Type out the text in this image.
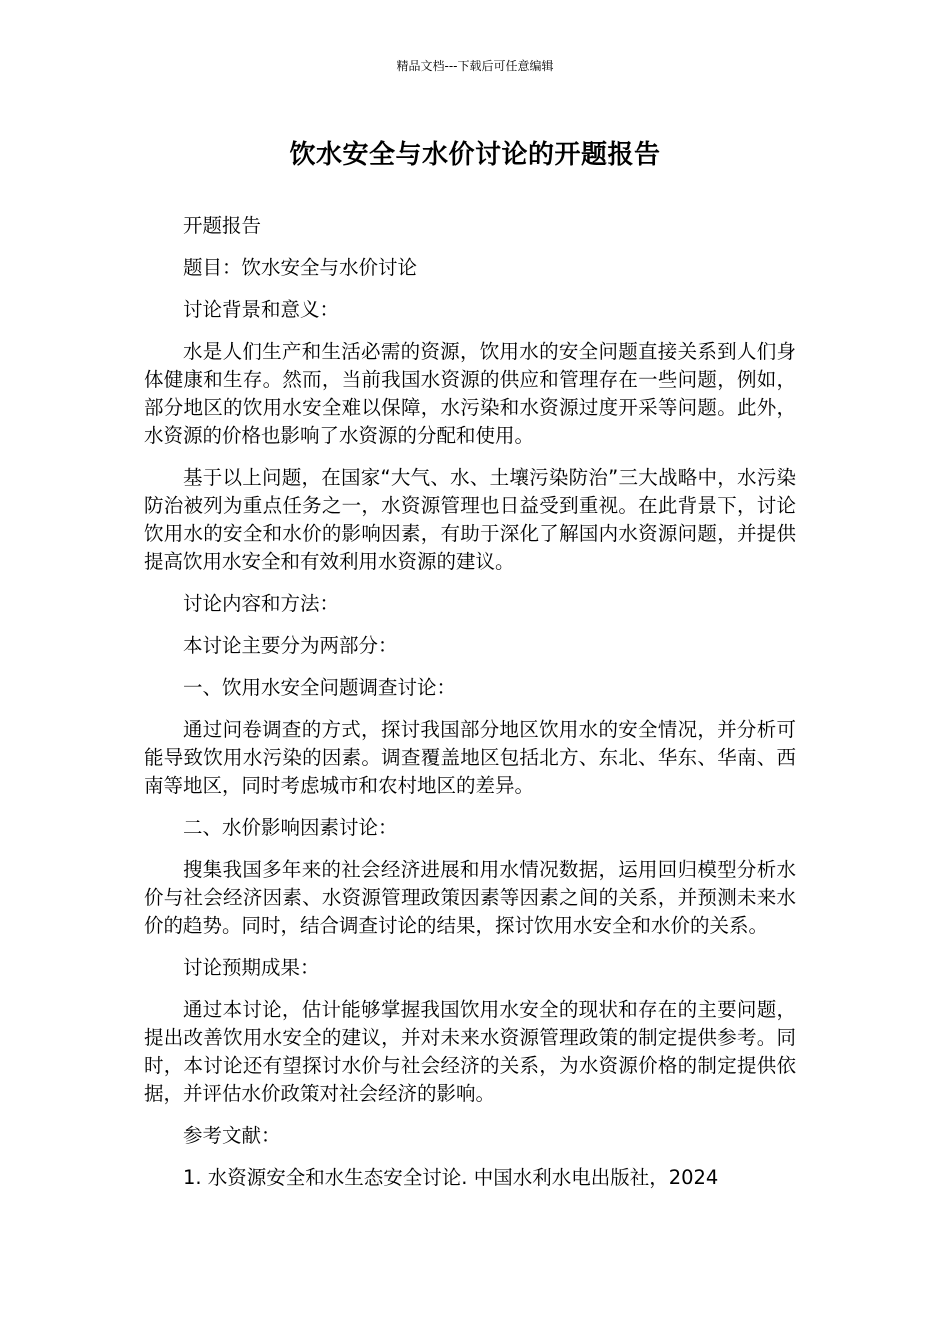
精品文档---下载后可任意编辑
饮水安全与水价讨论的开题报告

开题报告

题目：饮水安全与水价讨论

讨论背景和意义：

水是人们生产和生活必需的资源，饮用水的安全问题直接关系到人们身体健康和生存。然而，当前我国水资源的供应和管理存在一些问题，例如，部分地区的饮用水安全难以保障，水污染和水资源过度开采等问题。此外，水资源的价格也影响了水资源的分配和使用。

基于以上问题，在国家“大气、水、土壤污染防治”三大战略中，水污染防治被列为重点任务之一，水资源管理也日益受到重视。在此背景下，讨论饮用水的安全和水价的影响因素，有助于深化了解国内水资源问题，并提供提高饮用水安全和有效利用水资源的建议。

讨论内容和方法：

本讨论主要分为两部分：

一、饮用水安全问题调查讨论：

通过问卷调查的方式，探讨我国部分地区饮用水的安全情况，并分析可能导致饮用水污染的因素。调查覆盖地区包括北方、东北、华东、华南、西南等地区，同时考虑城市和农村地区的差异。

二、水价影响因素讨论：

搜集我国多年来的社会经济进展和用水情况数据，运用回归模型分析水价与社会经济因素、水资源管理政策因素等因素之间的关系，并预测未来水价的趋势。同时，结合调查讨论的结果，探讨饮用水安全和水价的关系。

讨论预期成果：

通过本讨论，估计能够掌握我国饮用水安全的现状和存在的主要问题，提出改善饮用水安全的建议，并对未来水资源管理政策的制定提供参考。同时，本讨论还有望探讨水价与社会经济的关系，为水资源价格的制定提供依据，并评估水价政策对社会经济的影响。

参考文献：

1. 水资源安全和水生态安全讨论. 中国水利水电出版社，2024
